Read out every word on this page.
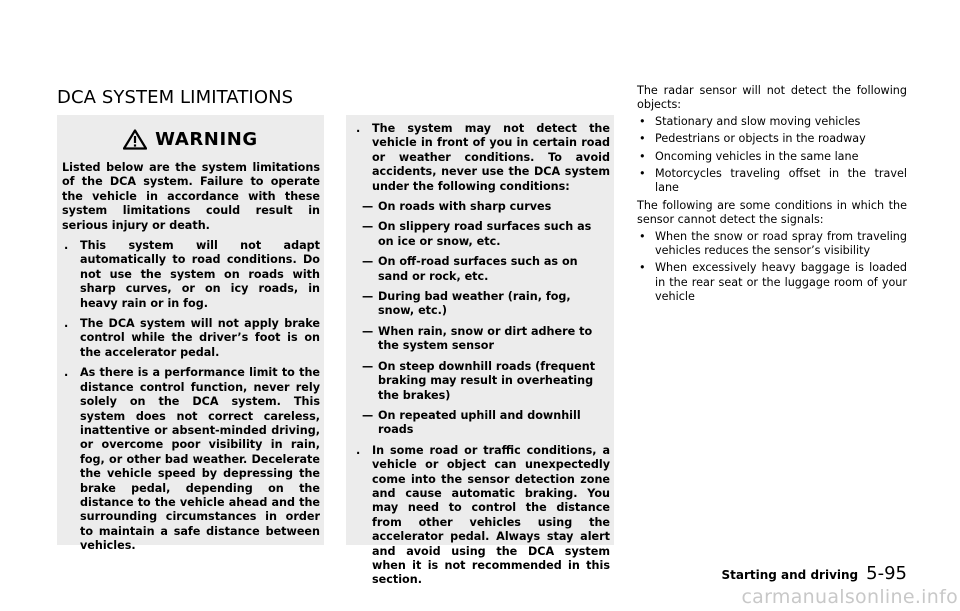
DCA SYSTEM LIMITATIONS
WARNING

Listed below are the system limitations of the DCA system. Failure to operate the vehicle in accordance with these system limitations could result in serious injury or death.

.	This system will not adapt automatically to road conditions. Do not use the system on roads with sharp curves, or on icy roads, in heavy rain or in fog.
.	The DCA system will not apply brake control while the driver’s foot is on the accelerator pedal.
.	As there is a performance limit to the distance control function, never rely solely on the DCA system. This system does not correct careless, inattentive or absent-minded driving, or overcome poor visibility in rain, fog, or other bad weather. Decelerate the vehicle speed by depressing the brake pedal, depending on the distance to the vehicle ahead and the surrounding circumstances in order to maintain a safe distance between vehicles.
.	The system may not detect the vehicle in front of you in certain road or weather conditions. To avoid accidents, never use the DCA system under the following conditions:
— On roads with sharp curves
— On slippery road surfaces such as on ice or snow, etc.
— On off-road surfaces such as on sand or rock, etc.
— During bad weather (rain, fog, snow, etc.)
— When rain, snow or dirt adhere to the system sensor
— On steep downhill roads (frequent braking may result in overheating the brakes)
— On repeated uphill and downhill roads
.	In some road or traffic conditions, a vehicle or object can unexpectedly come into the sensor detection zone and cause automatic braking. You may need to control the distance from other vehicles using the accelerator pedal. Always stay alert and avoid using the DCA system when it is not recommended in this section.

The radar sensor will not detect the following objects:

• Stationary and slow moving vehicles
• Pedestrians or objects in the roadway
• Oncoming vehicles in the same lane
• Motorcycles traveling offset in the travel lane

The following are some conditions in which the sensor cannot detect the signals:

• When the snow or road spray from traveling vehicles reduces the sensor’s visibility
• When excessively heavy baggage is loaded in the rear seat or the luggage room of your vehicle
Starting and driving 5-95
carmanualsonline.info
